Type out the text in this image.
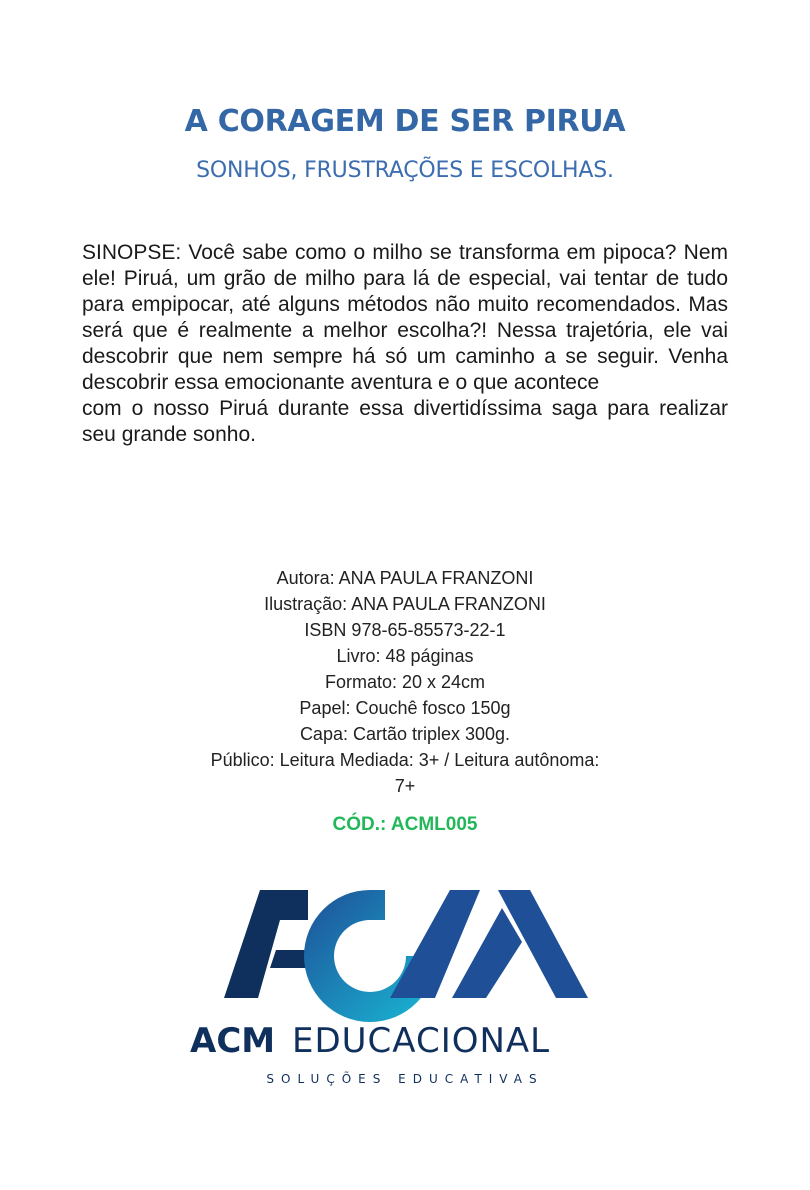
A CORAGEM DE SER PIRUA
SONHOS, FRUSTRAÇÕES E ESCOLHAS.

SINOPSE: Você sabe como o milho se transforma em pipoca? Nem ele! Piruá, um grão de milho para lá de especial, vai tentar de tudo para empipocar, até alguns métodos não muito recomendados. Mas será que é realmente a melhor escolha?! Nessa trajetória, ele vai descobrir que nem sempre há só um caminho a se seguir. Venha descobrir essa emocionante aventura e o que acontece

com o nosso Piruá durante essa divertidíssima saga para realizar seu grande sonho.

Autora: ANA PAULA FRANZONI
Ilustração: ANA PAULA FRANZONI
ISBN 978-65-85573-22-1
Livro: 48 páginas
Formato: 20 x 24cm
Papel: Couchê fosco 150g
Capa: Cartão triplex 300g.
Público: Leitura Mediada: 3+ / Leitura autônoma: 7+
CÓD.: ACML005
ACM EDUCACIONAL
SOLUÇÕES EDUCATIVAS
